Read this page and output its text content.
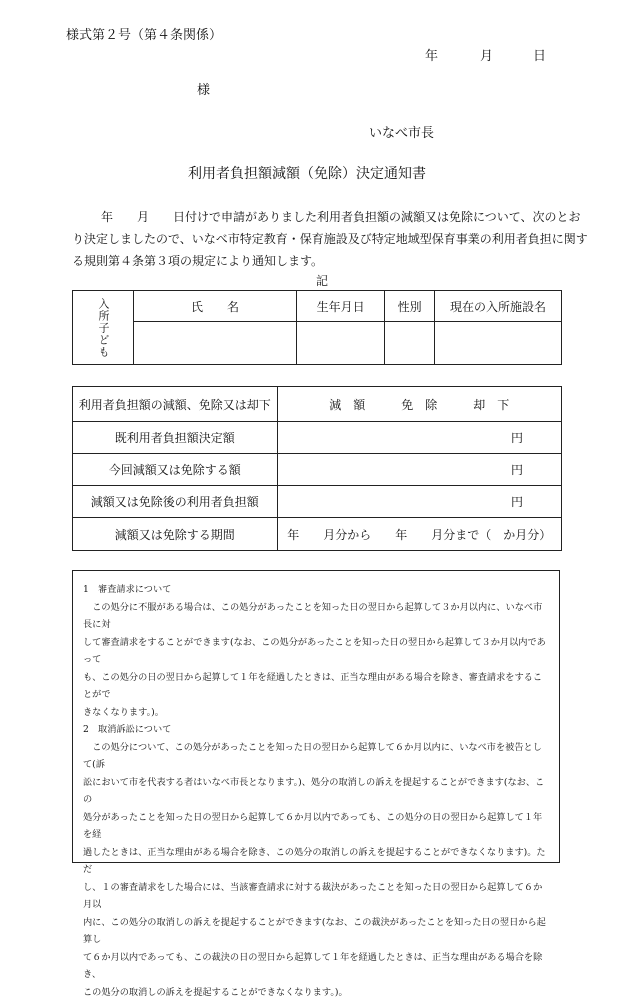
様式第２号（第４条関係）
年	月	日
様
いなべ市長
利用者負担額減額（免除）決定通知書
年　　月　　日付けで申請がありました利用者負担額の減額又は免除について、次のとお
り決定しましたので、いなべ市特定教育・保育施設及び特定地域型保育事業の利用者負担に関す
る規則第４条第３項の規定により通知します。
記
入所子ども	氏　　名	生年月日	性別	現在の入所施設名

利用者負担額の減額、免除又は却下	減　額　　　免　除　　　却　下
既利用者負担額決定額	円
今回減額又は免除する額	円
減額又は免除後の利用者負担額	円
減額又は免除する期間	年　　月分から　　年　　月分まで（　か月分）

1　審査請求について

この処分に不服がある場合は、この処分があったことを知った日の翌日から起算して３か月以内に、いなべ市長に対

して審査請求をすることができます(なお、この処分があったことを知った日の翌日から起算して３か月以内であって

も、この処分の日の翌日から起算して１年を経過したときは、正当な理由がある場合を除き、審査請求をすることがで

きなくなります。)。

2　取消訴訟について

この処分について、この処分があったことを知った日の翌日から起算して６か月以内に、いなべ市を被告として(訴

訟において市を代表する者はいなべ市長となります。)、処分の取消しの訴えを提起することができます(なお、この

処分があったことを知った日の翌日から起算して６か月以内であっても、この処分の日の翌日から起算して１年を経

過したときは、正当な理由がある場合を除き、この処分の取消しの訴えを提起することができなくなります)。ただ

し、１の審査請求をした場合には、当該審査請求に対する裁決があったことを知った日の翌日から起算して６か月以

内に、この処分の取消しの訴えを提起することができます(なお、この裁決があったことを知った日の翌日から起算し

て６か月以内であっても、この裁決の日の翌日から起算して１年を経過したときは、正当な理由がある場合を除き、

この処分の取消しの訴えを提起することができなくなります。)。
